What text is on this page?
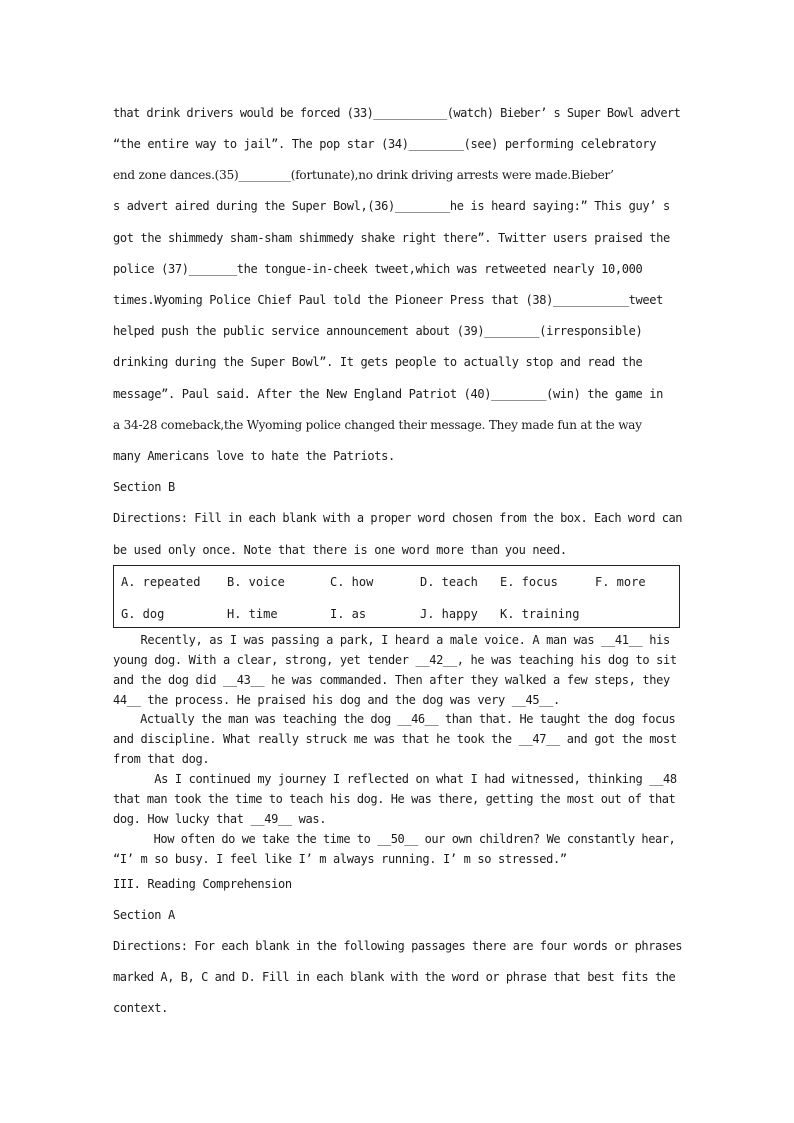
that drink drivers would be forced (33)___________(watch) Bieber’ s Super Bowl advert
“the entire way to jail”. The pop star (34)________(see) performing celebratory
end zone dances.(35)_________(fortunate),no drink driving arrests were made.Bieber’
s advert aired during the Super Bowl,(36)________he is heard saying:” This guy’ s
got the shimmedy sham-sham shimmedy shake right there”. Twitter users praised the
police (37)_______the tongue-in-cheek tweet,which was retweeted nearly 10,000
times.Wyoming Police Chief Paul told the Pioneer Press that (38)___________tweet
helped push the public service announcement about (39)________(irresponsible)
drinking during the Super Bowl”. It gets people to actually stop and read the
message”. Paul said. After the New England Patriot (40)________(win) the game in
a 34-28 comeback,the Wyoming police changed their message. They made fun at the way
many Americans love to hate the Patriots.
Section B
Directions: Fill in each blank with a proper word chosen from the box. Each word can
be used only once. Note that there is one word more than you need.
A. repeated B. voice	C. how	D. teach E. focus	F. more
G. dog	H. time	I. as	J. happy K. training
Recently, as I was passing a park, I heard a male voice. A man was __41__ his
young dog. With a clear, strong, yet tender __42__, he was teaching his dog to sit
and the dog did __43__ he was commanded. Then after they walked a few steps, they
44__ the process. He praised his dog and the dog was very __45__.
Actually the man was teaching the dog __46__ than that. He taught the dog focus
and discipline. What really struck me was that he took the __47__ and got the most
from that dog.
As I continued my journey I reflected on what I had witnessed, thinking __48
that man took the time to teach his dog. He was there, getting the most out of that
dog. How lucky that __49__ was.
How often do we take the time to __50__ our own children? We constantly hear,
“I’ m so busy. I feel like I’ m always running. I’ m so stressed.”
III. Reading Comprehension
Section A
Directions: For each blank in the following passages there are four words or phrases
marked A, B, C and D. Fill in each blank with the word or phrase that best fits the
context.
